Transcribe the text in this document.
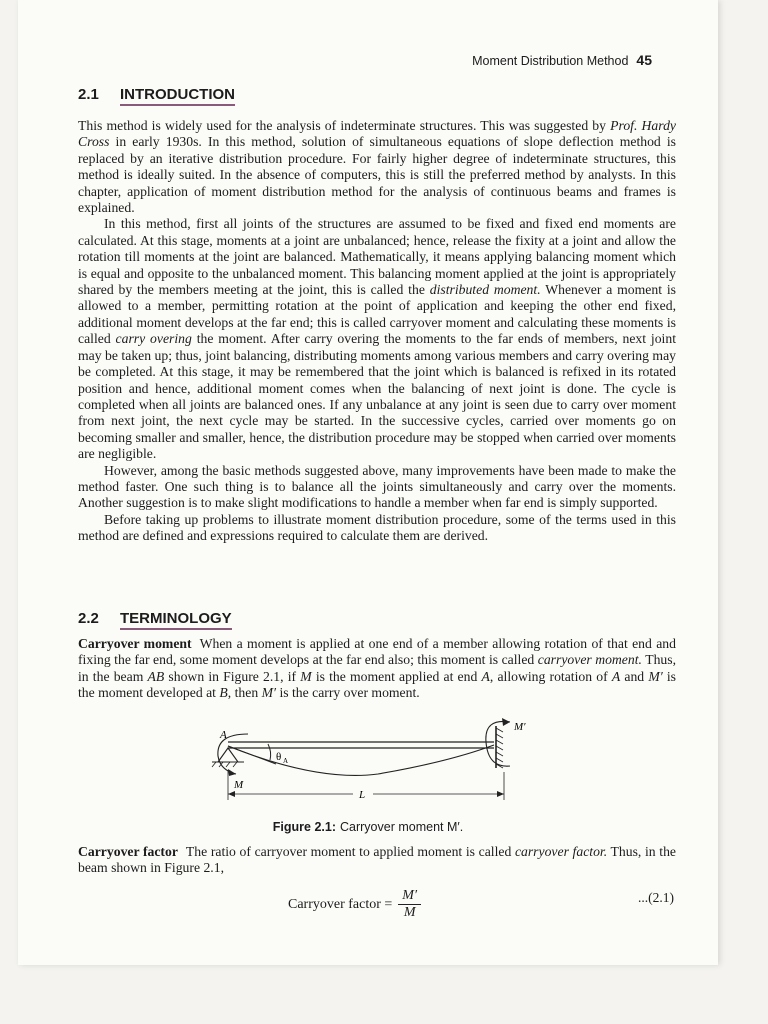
Moment Distribution Method 45
2.1 INTRODUCTION

This method is widely used for the analysis of indeterminate structures. This was suggested by Prof. Hardy Cross in early 1930s. In this method, solution of simultaneous equations of slope deflection method is replaced by an iterative distribution procedure. For fairly higher degree of indeterminate structures, this method is ideally suited. In the absence of computers, this is still the preferred method by analysts. In this chapter, application of moment distribution method for the analysis of continuous beams and frames is explained.

In this method, first all joints of the structures are assumed to be fixed and fixed end moments are calculated. At this stage, moments at a joint are unbalanced; hence, release the fixity at a joint and allow the rotation till moments at the joint are balanced. Mathematically, it means applying balancing moment which is equal and opposite to the unbalanced moment. This balancing moment applied at the joint is appropriately shared by the members meeting at the joint, this is called the distributed moment. Whenever a moment is allowed to a member, permitting rotation at the point of application and keeping the other end fixed, additional moment develops at the far end; this is called carryover moment and calculating these moments is called carry overing the moment. After carry overing the moments to the far ends of members, next joint may be taken up; thus, joint balancing, distributing moments among various members and carry overing may be completed. At this stage, it may be remembered that the joint which is balanced is refixed in its rotated position and hence, additional moment comes when the balancing of next joint is done. The cycle is completed when all joints are balanced ones. If any unbalance at any joint is seen due to carry over moment from next joint, the next cycle may be started. In the successive cycles, carried over moments go on becoming smaller and smaller, hence, the distribution procedure may be stopped when carried over moments are negligible.

However, among the basic methods suggested above, many improvements have been made to make the method faster. One such thing is to balance all the joints simultaneously and carry over the moments. Another suggestion is to make slight modifications to handle a member when far end is simply supported.

Before taking up problems to illustrate moment distribution procedure, some of the terms used in this method are defined and expressions required to calculate them are derived.

2.2 TERMINOLOGY

Carryover moment When a moment is applied at one end of a member allowing rotation of that end and fixing the far end, some moment develops at the far end also; this moment is called carryover moment. Thus, in the beam AB shown in Figure 2.1, if M is the moment applied at end A, allowing rotation of A and M′ is the moment developed at B, then M′ is the carry over moment.

A
M
θ A
L
M′
Figure 2.1: Carryover moment M′.

Carryover factor The ratio of carryover moment to applied moment is called carryover factor. Thus, in the beam shown in Figure 2.1,

Carryover factor = $\frac{M'}{M}$	...(2.1)
